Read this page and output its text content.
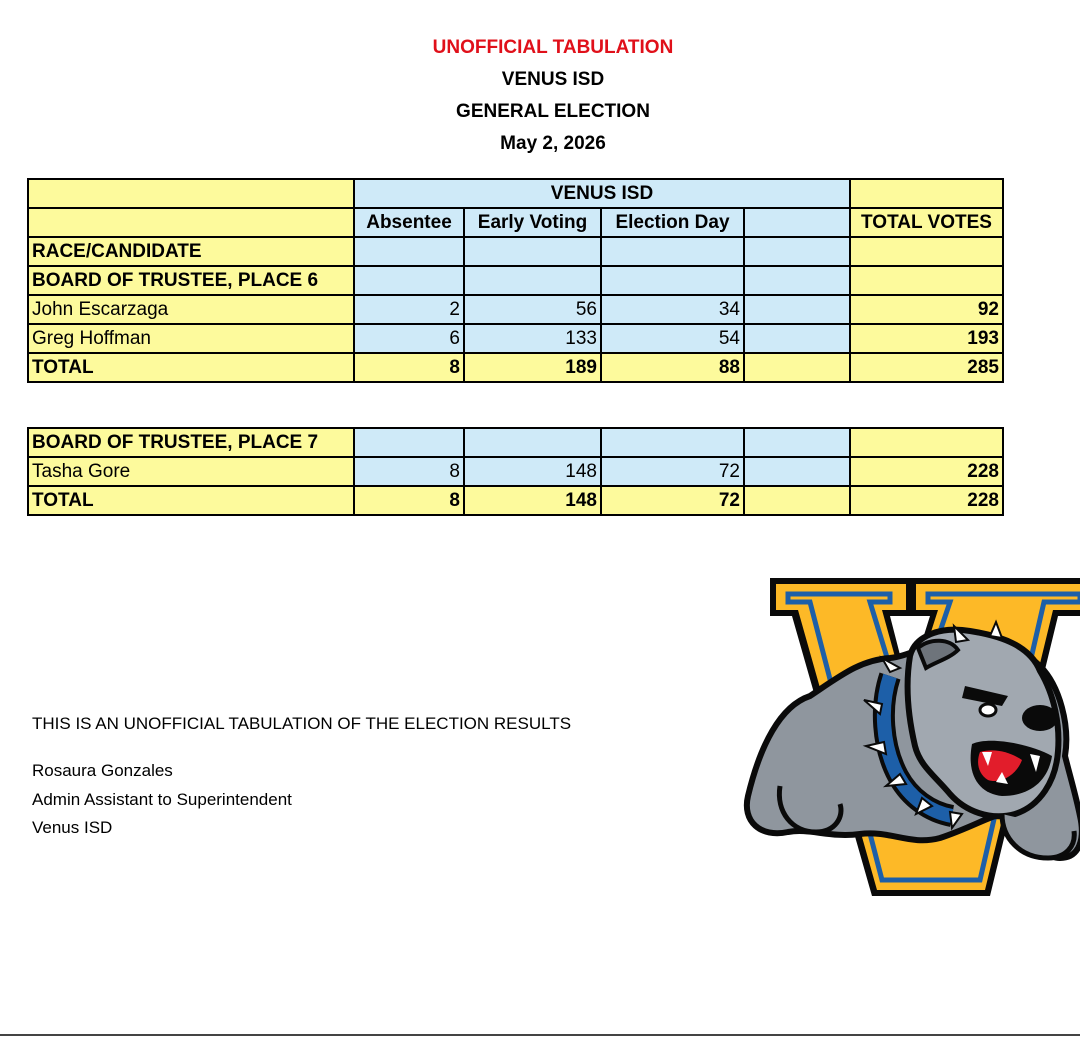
UNOFFICIAL TABULATION
VENUS ISD
GENERAL ELECTION
May 2, 2026
	VENUS ISD				
	Absentee	Early Voting	Election Day		TOTAL VOTES
RACE/CANDIDATE					
BOARD OF TRUSTEE, PLACE 6					
John Escarzaga	2	56	34		92
Greg Hoffman	6	133	54		193
TOTAL	8	189	88		285
BOARD OF TRUSTEE, PLACE 7					
Tasha Gore	8	148	72		228
TOTAL	8	148	72		228
THIS IS AN UNOFFICIAL TABULATION OF THE ELECTION RESULTS
Rosaura Gonzales
Admin Assistant to Superintendent
Venus ISD
